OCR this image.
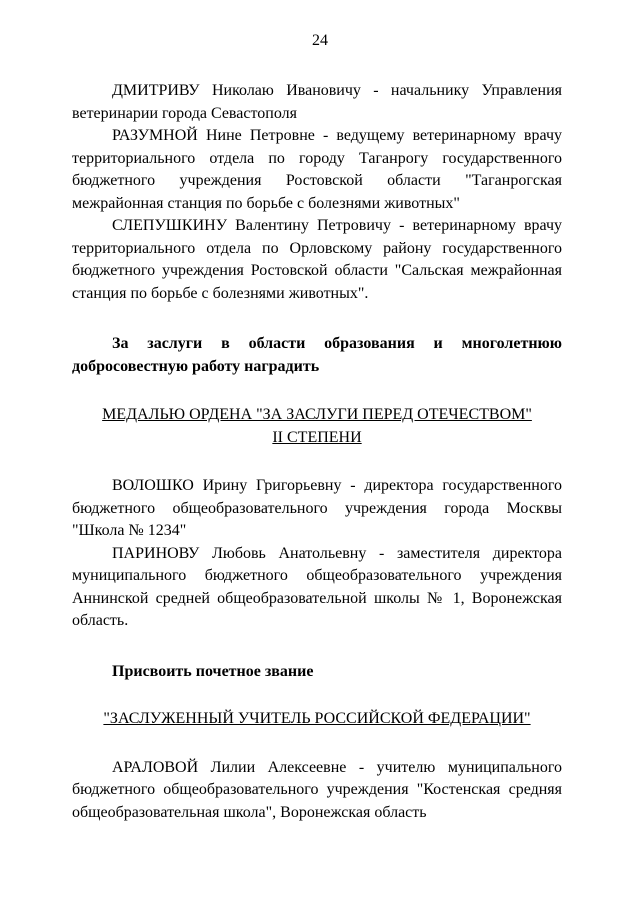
24

ДМИТРИВУ Николаю Ивановичу - начальнику Управления ветеринарии города Севастополя

РАЗУМНОЙ Нине Петровне - ведущему ветеринарному врачу территориального отдела по городу Таганрогу государственного бюджетного учреждения Ростовской области "Таганрогская межрайонная станция по борьбе с болезнями животных"

СЛЕПУШКИНУ Валентину Петровичу - ветеринарному врачу территориального отдела по Орловскому району государственного бюджетного учреждения Ростовской области "Сальская межрайонная станция по борьбе с болезнями животных".

За заслуги в области образования и многолетнюю добросовестную работу наградить

МЕДАЛЬЮ ОРДЕНА "ЗА ЗАСЛУГИ ПЕРЕД ОТЕЧЕСТВОМ"
II СТЕПЕНИ

ВОЛОШКО Ирину Григорьевну - директора государственного бюджетного общеобразовательного учреждения города Москвы "Школа № 1234"

ПАРИНОВУ Любовь Анатольевну - заместителя директора муниципального бюджетного общеобразовательного учреждения Аннинской средней общеобразовательной школы № 1, Воронежская область.

Присвоить почетное звание

"ЗАСЛУЖЕННЫЙ УЧИТЕЛЬ РОССИЙСКОЙ ФЕДЕРАЦИИ"

АРАЛОВОЙ Лилии Алексеевне - учителю муниципального бюджетного общеобразовательного учреждения "Костенская средняя общеобразовательная школа", Воронежская область
